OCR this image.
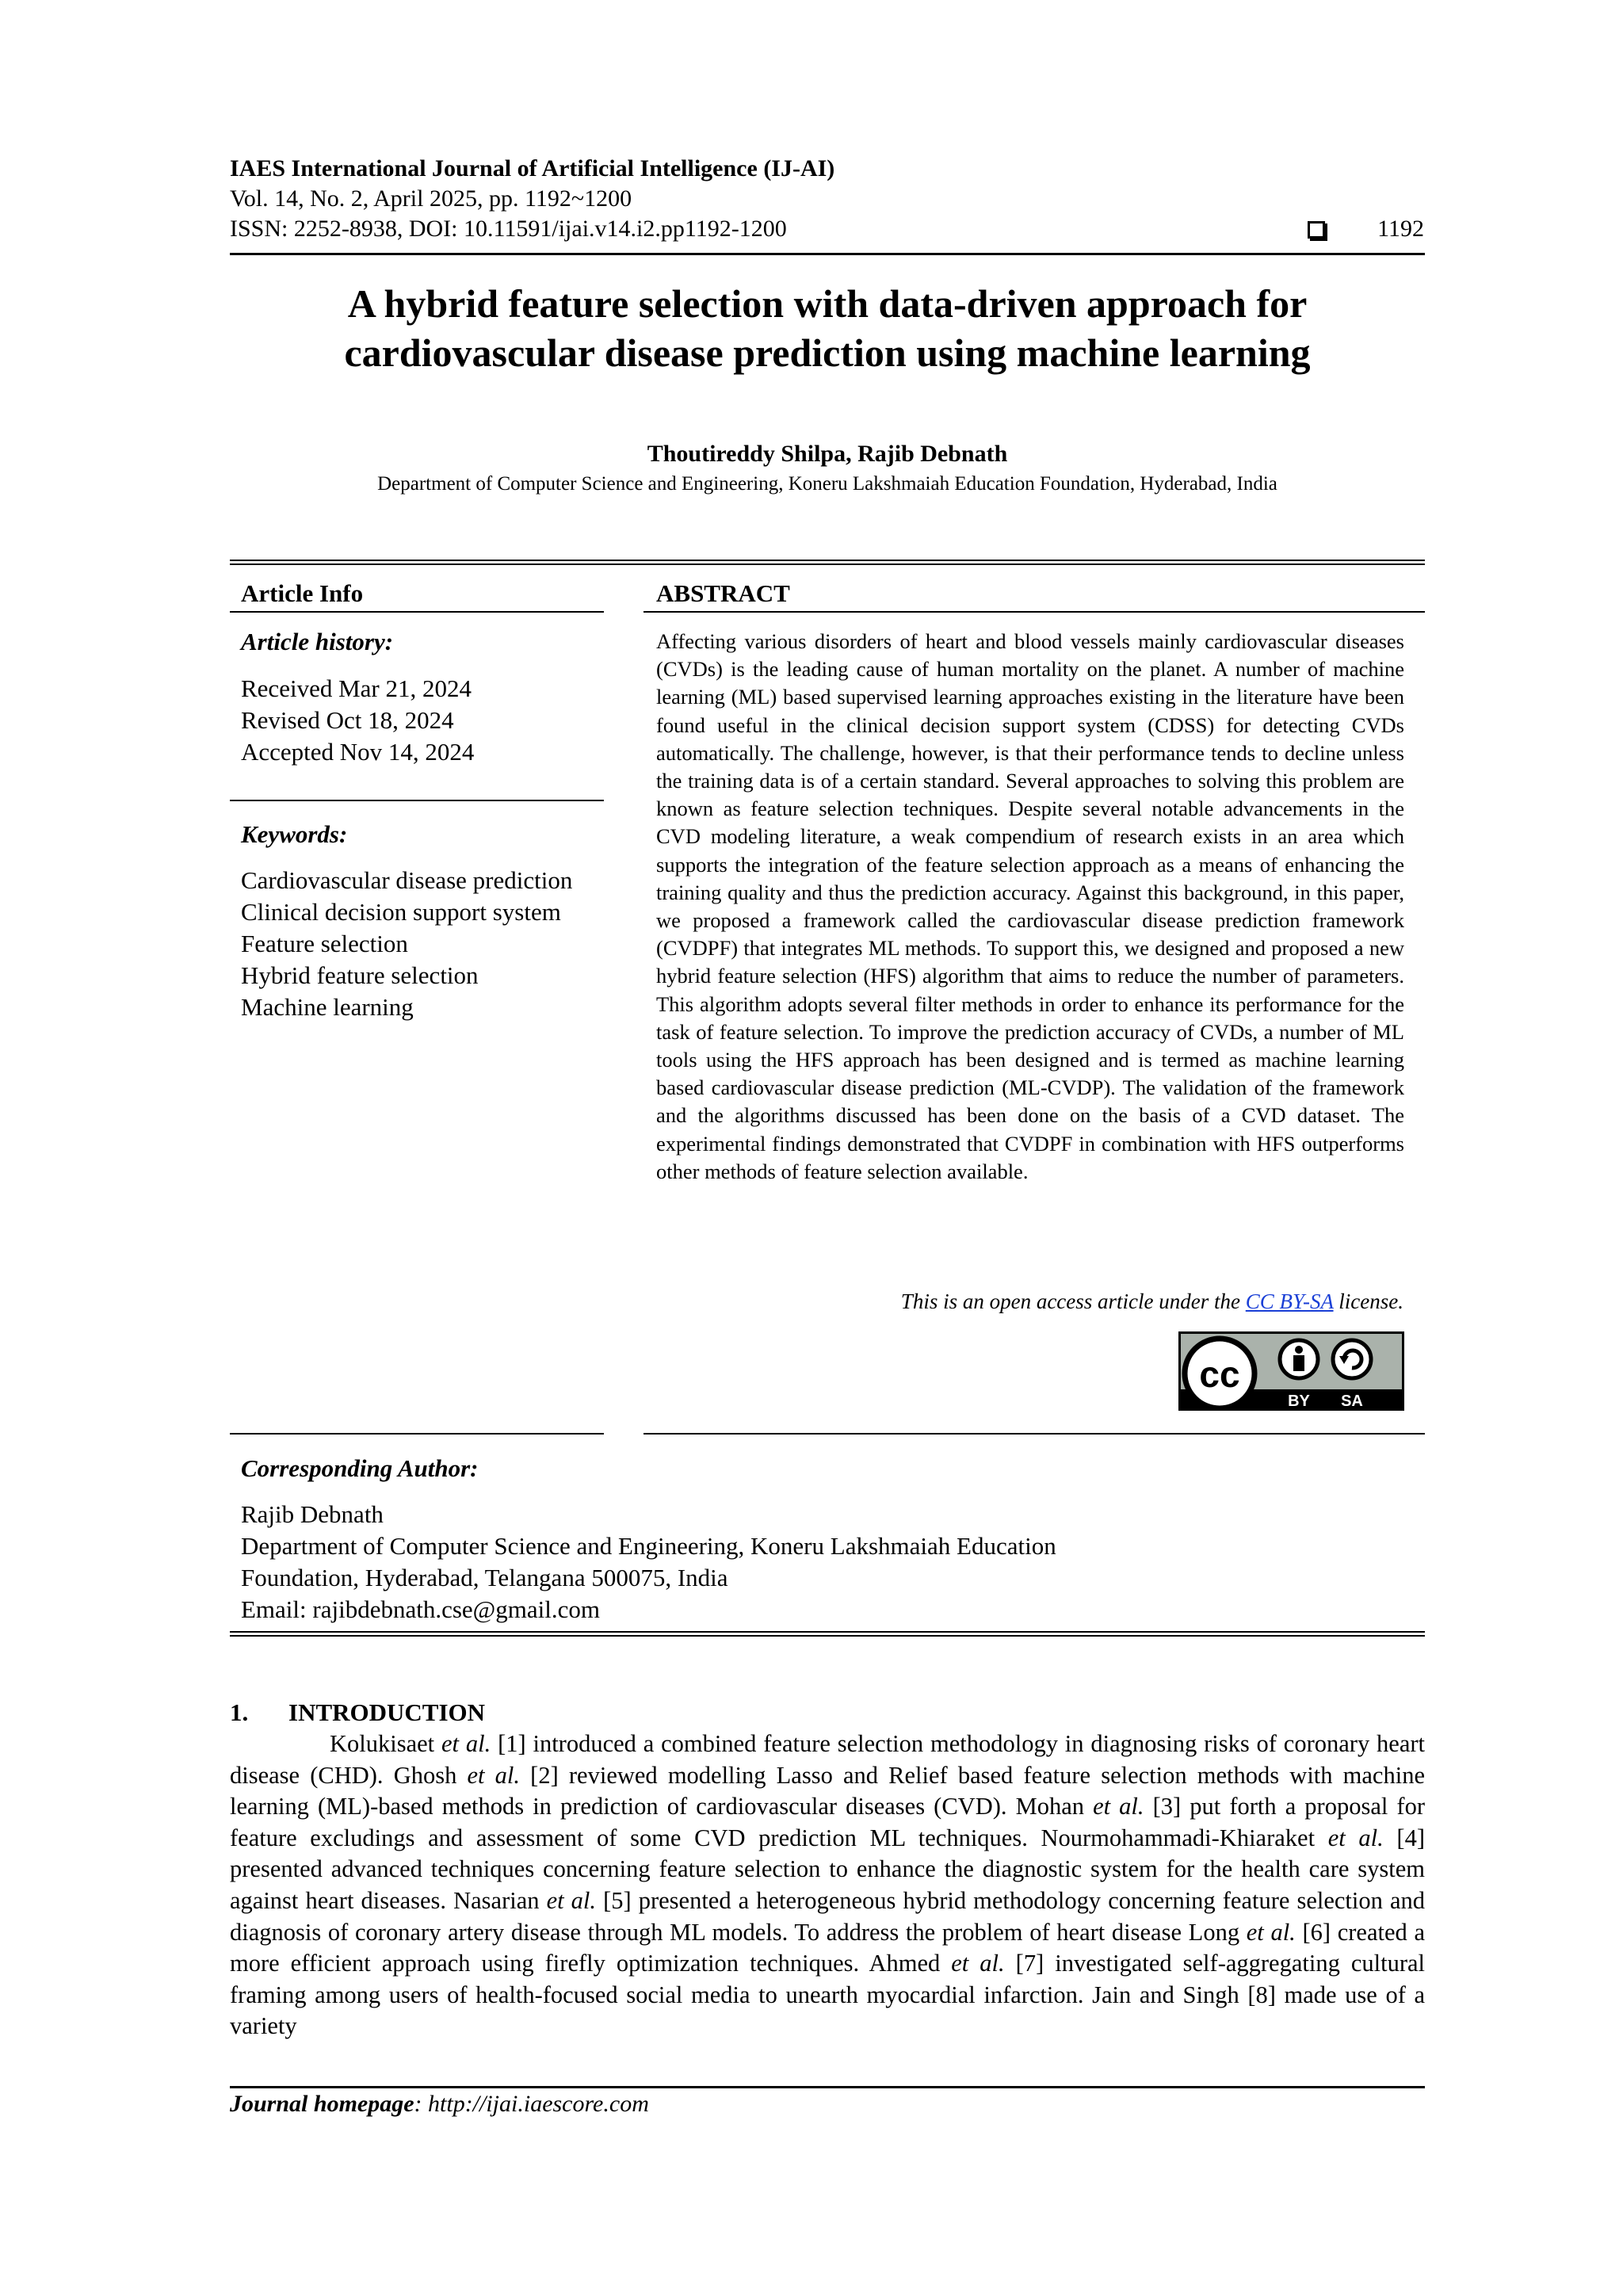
IAES International Journal of Artificial Intelligence (IJ-AI)
Vol. 14, No. 2, April 2025, pp. 1192~1200
ISSN: 2252-8938, DOI: 10.11591/ijai.v14.i2.pp1192-1200	1192
A hybrid feature selection with data-driven approach for
cardiovascular disease prediction using machine learning
Thoutireddy Shilpa, Rajib Debnath
Department of Computer Science and Engineering, Koneru Lakshmaiah Education Foundation, Hyderabad, India
Article Info
Article history:
Received Mar 21, 2024
Revised Oct 18, 2024
Accepted Nov 14, 2024
Keywords:
Cardiovascular disease prediction
Clinical decision support system
Feature selection
Hybrid feature selection
Machine learning
ABSTRACT
Affecting various disorders of heart and blood vessels mainly cardiovascular diseases (CVDs) is the leading cause of human mortality on the planet. A number of machine learning (ML) based supervised learning approaches existing in the literature have been found useful in the clinical decision support system (CDSS) for detecting CVDs automatically. The challenge, however, is that their performance tends to decline unless the training data is of a certain standard. Several approaches to solving this problem are known as feature selection techniques. Despite several notable advancements in the CVD modeling literature, a weak compendium of research exists in an area which supports the integration of the feature selection approach as a means of enhancing the training quality and thus the prediction accuracy. Against this background, in this paper, we proposed a framework called the cardiovascular disease prediction framework (CVDPF) that integrates ML methods. To support this, we designed and proposed a new hybrid feature selection (HFS) algorithm that aims to reduce the number of parameters. This algorithm adopts several filter methods in order to enhance its performance for the task of feature selection. To improve the prediction accuracy of CVDs, a number of ML tools using the HFS approach has been designed and is termed as machine learning based cardiovascular disease prediction (ML-CVDP). The validation of the framework and the algorithms discussed has been done on the basis of a CVD dataset. The experimental findings demonstrated that CVDPF in combination with HFS outperforms other methods of feature selection available.
This is an open access article under the CC BY-SA license.
cc
BY SA
Corresponding Author:
Rajib Debnath
Department of Computer Science and Engineering, Koneru Lakshmaiah Education
Foundation, Hyderabad, Telangana 500075, India
Email: rajibdebnath.cse@gmail.com
1. INTRODUCTION
Kolukisaet et al. [1] introduced a combined feature selection methodology in diagnosing risks of coronary heart disease (CHD). Ghosh et al. [2] reviewed modelling Lasso and Relief based feature selection methods with machine learning (ML)-based methods in prediction of cardiovascular diseases (CVD). Mohan et al. [3] put forth a proposal for feature excludings and assessment of some CVD prediction ML techniques. Nourmohammadi-Khiaraket et al. [4] presented advanced techniques concerning feature selection to enhance the diagnostic system for the health care system against heart diseases. Nasarian et al. [5] presented a heterogeneous hybrid methodology concerning feature selection and diagnosis of coronary artery disease through ML models. To address the problem of heart disease Long et al. [6] created a more efficient approach using firefly optimization techniques. Ahmed et al. [7] investigated self-aggregating cultural framing among users of health-focused social media to unearth myocardial infarction. Jain and Singh [8] made use of a variety
Journal homepage: http://ijai.iaescore.com
